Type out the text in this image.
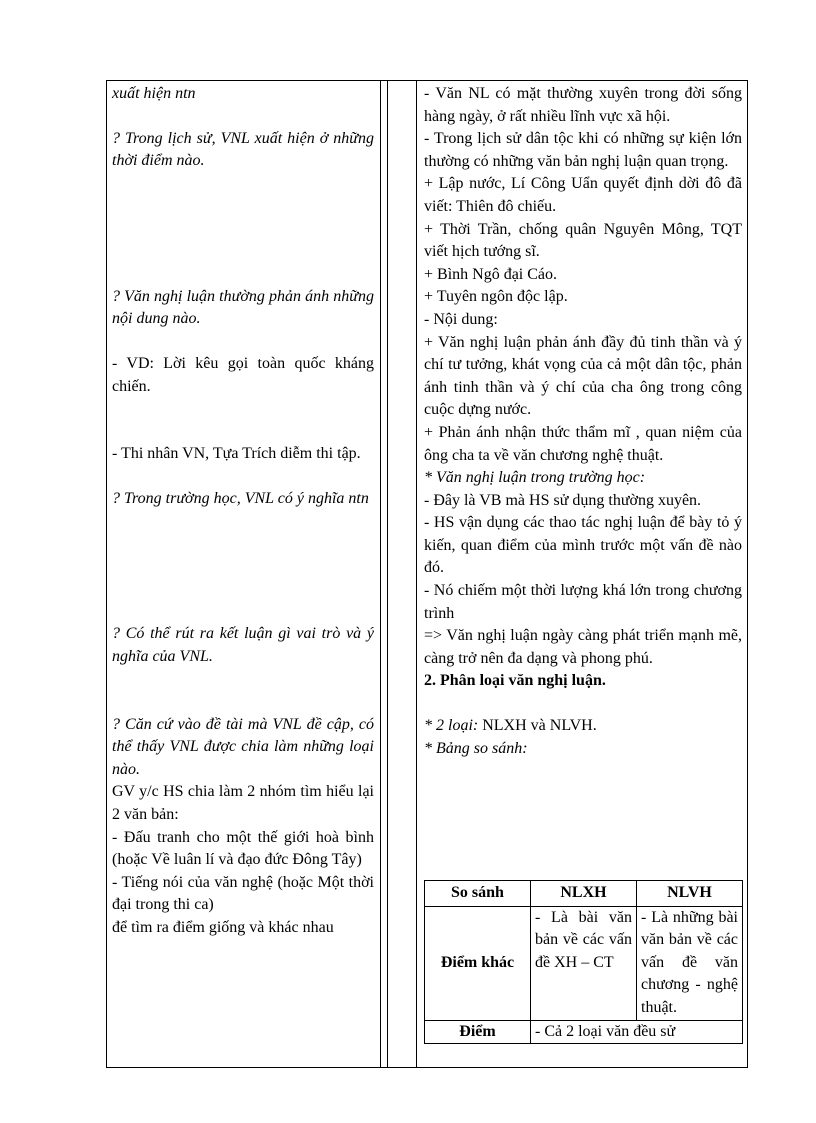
xuất hiện ntn

? Trong lịch sử, VNL xuất hiện ở những thời điểm nào.

? Văn nghị luận thường phản ánh những nội dung nào.

- VD: Lời kêu gọi toàn quốc kháng chiến.

- Thi nhân VN, Tựa Trích diễm thi tập.

? Trong trường học, VNL có ý nghĩa ntn

? Có thể rút ra kết luận gì vai trò và ý nghĩa của VNL.

? Căn cứ vào đề tài mà VNL đề cập, có thể thấy VNL được chia làm những loại nào.

GV y/c HS chia làm 2 nhóm tìm hiểu lại 2 văn bản:

- Đấu tranh cho một thế giới hoà bình (hoặc Về luân lí và đạo đức Đông Tây)

- Tiếng nói của văn nghệ (hoặc Một thời đại trong thi ca)

để tìm ra điểm giống và khác nhau

- Văn NL có mặt thường xuyên trong đời sống hàng ngày, ở rất nhiều lĩnh vực xã hội.

- Trong lịch sử dân tộc khi có những sự kiện lớn thường có những văn bản nghị luận quan trọng.

+ Lập nước, Lí Công Uẩn quyết định dời đô đã viết: Thiên đô chiếu.

+ Thời Trần, chống quân Nguyên Mông, TQT viết hịch tướng sĩ.

+ Bình Ngô đại Cáo.

+ Tuyên ngôn độc lập.

- Nội dung:

+ Văn nghị luận phản ánh đầy đủ tinh thần và ý chí tư tưởng, khát vọng của cả một dân tộc, phản ánh tinh thần và ý chí của cha ông trong công cuộc dựng nước.

+ Phản ánh nhận thức thẩm mĩ , quan niệm của ông cha ta về văn chương nghệ thuật.

* Văn nghị luận trong trường học:

- Đây là VB mà HS sử dụng thường xuyên.

- HS vận dụng các thao tác nghị luận để bày tỏ ý kiến, quan điểm của mình trước một vấn đề nào đó.

- Nó chiếm một thời lượng khá lớn trong chương trình

=> Văn nghị luận ngày càng phát triển mạnh mẽ, càng trở nên đa dạng và phong phú.

2. Phân loại văn nghị luận.

* 2 loại: NLXH và NLVH.

* Bảng so sánh:

So sánh	NLXH	NLVH
Điểm khác	- Là bài văn bản về các vấn đề XH – CT	- Là những bài văn bản về các vấn đề văn chương - nghệ thuật.
Điểm	- Cả 2 loại văn đều sử	
